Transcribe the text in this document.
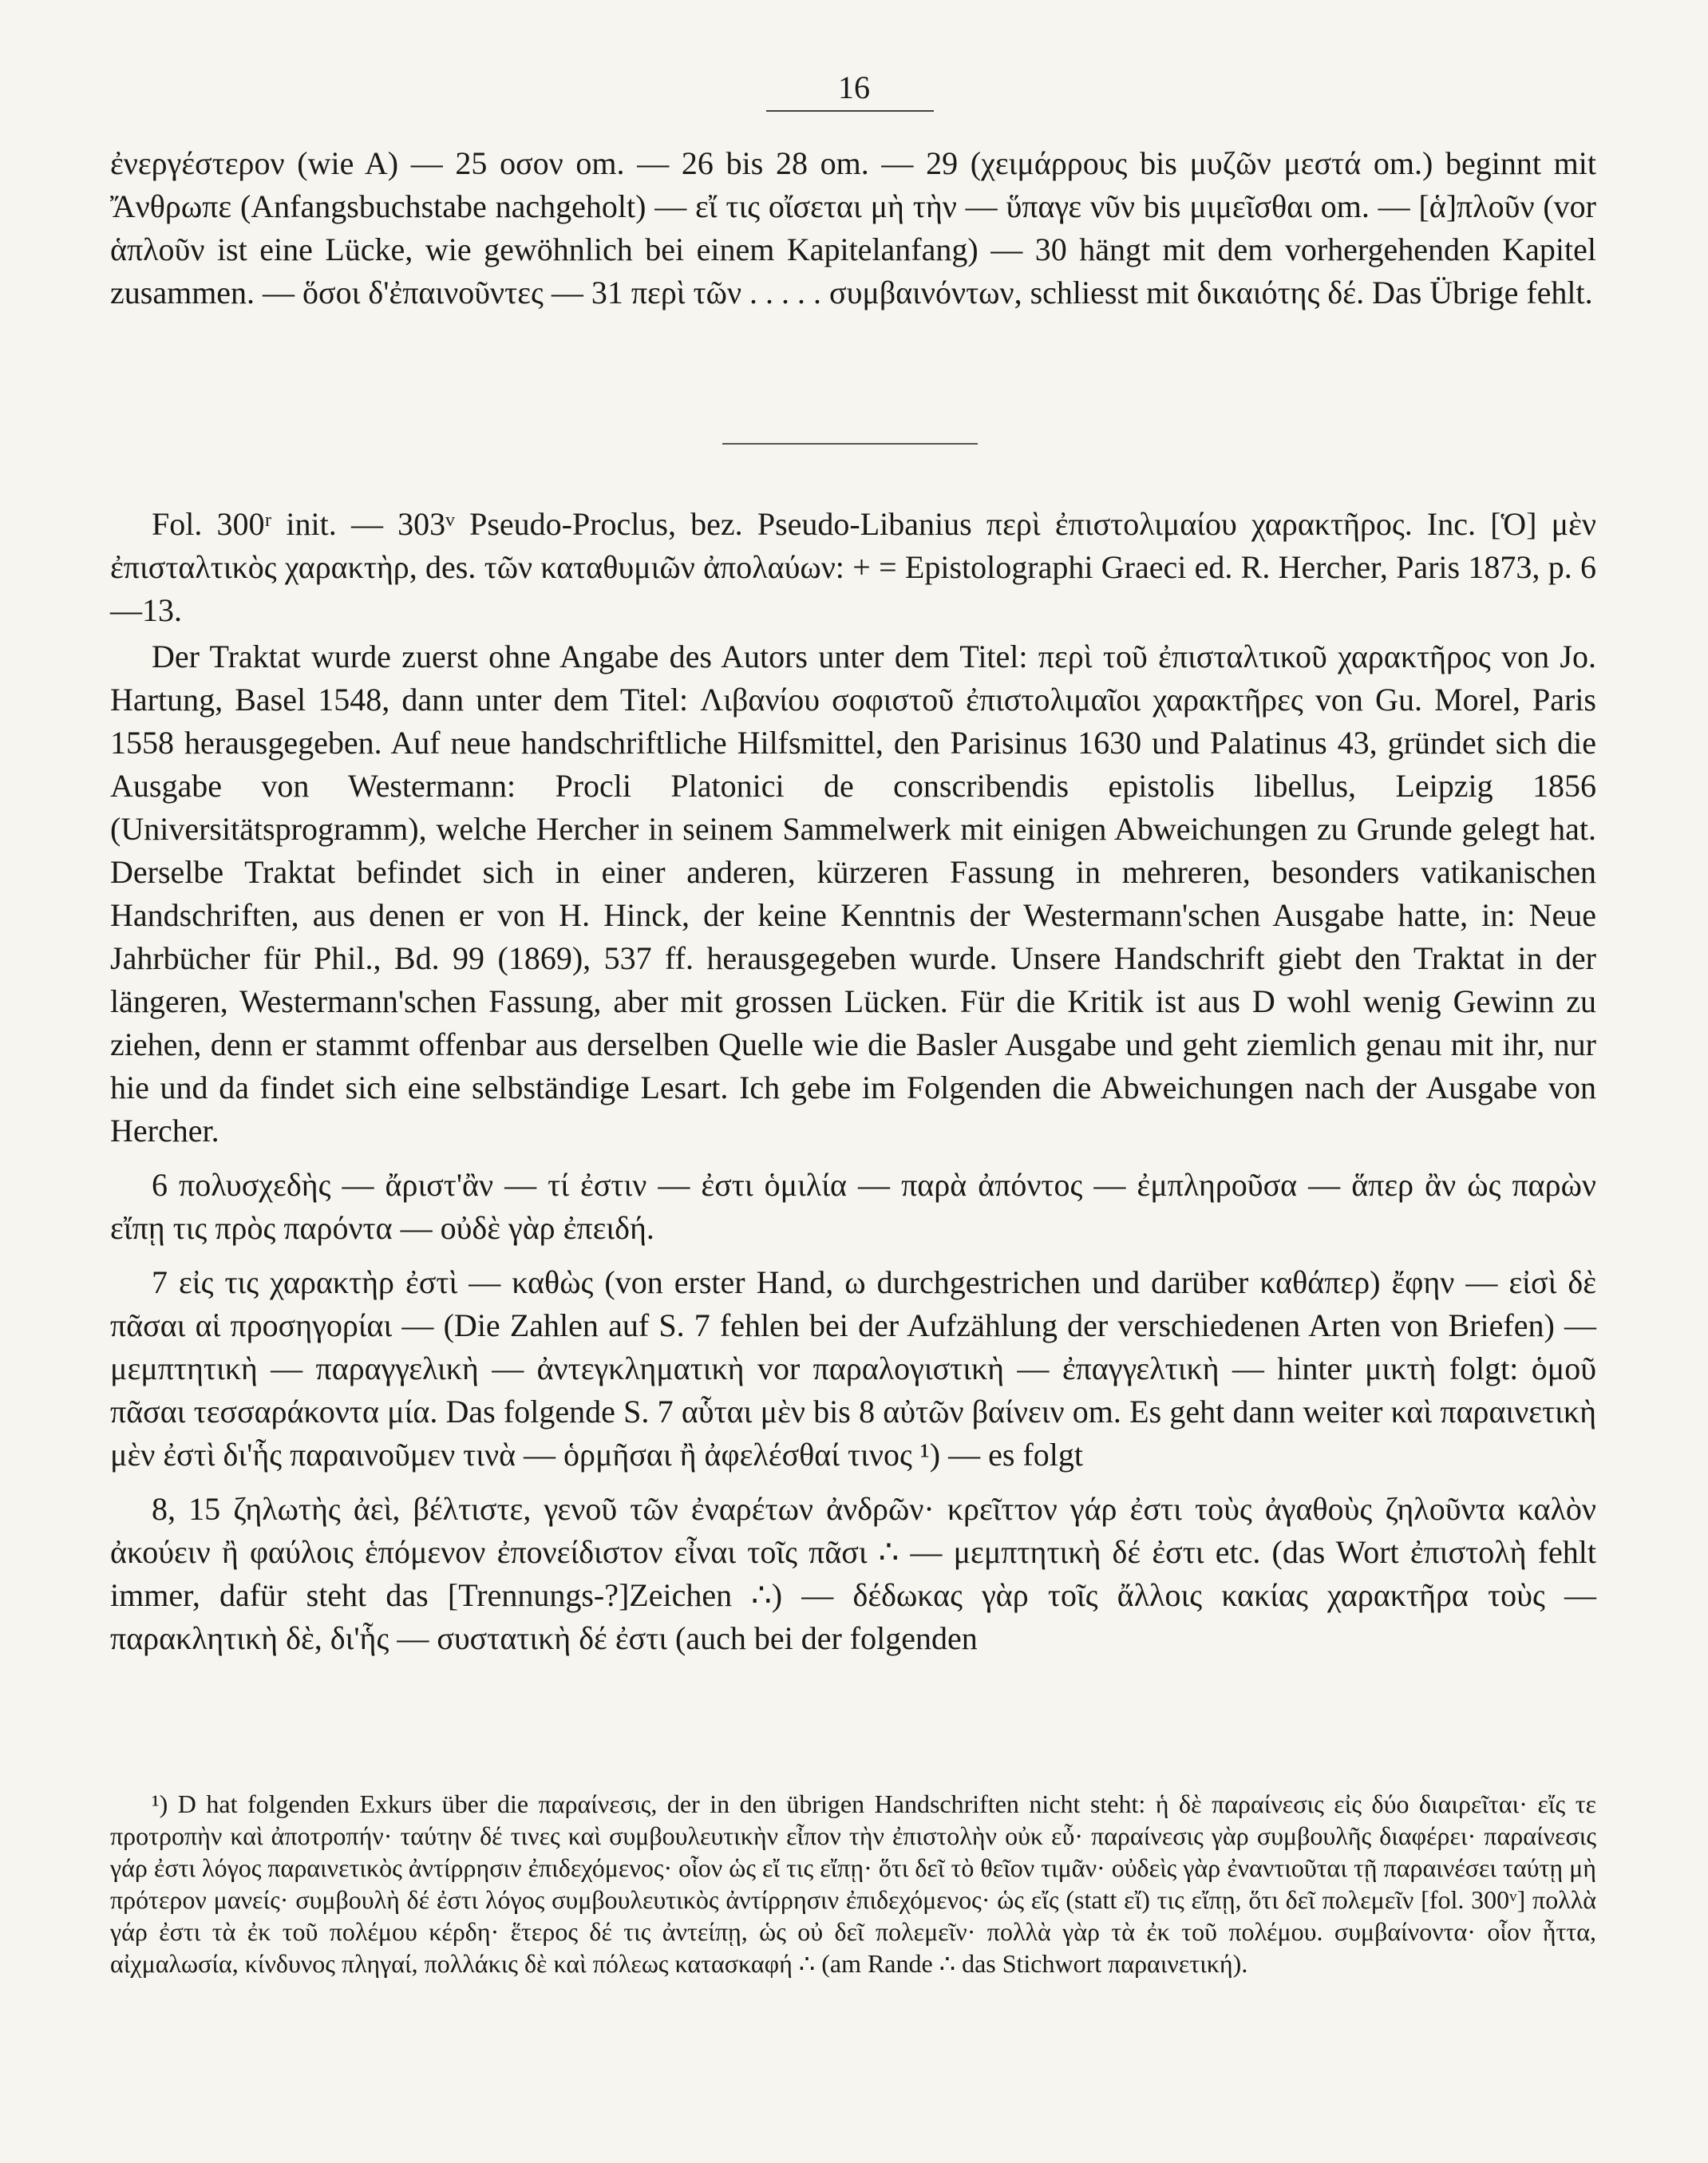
16

ἐνεργέστερον (wie A) — 25 οσον om. — 26 bis 28 om. — 29 (χειμάρρους bis μυζῶν μεστά om.) beginnt mit Ἄνθρωπε (Anfangsbuchstabe nachgeholt) — εἴ τις οἴσεται μὴ τὴν — ὕπαγε νῦν bis μιμεῖσθαι om. — [ἁ]πλοῦν (vor ἁπλοῦν ist eine Lücke, wie gewöhnlich bei einem Kapitelanfang) — 30 hängt mit dem vorhergehenden Kapitel zusammen. — ὅσοι δ'ἐπαινοῦντες — 31 περὶ τῶν . . . . . συμβαινόντων, schliesst mit δικαιότης δέ. Das Übrige fehlt.

Fol. 300ʳ init. — 303ᵛ Pseudo-Proclus, bez. Pseudo-Libanius περὶ ἐπιστολιμαίου χαρακτῆρος. Inc. [Ὁ] μὲν ἐπισταλτικὸς χαρακτὴρ, des. τῶν καταθυμιῶν ἀπολαύων: + = Epistolographi Graeci ed. R. Hercher, Paris 1873, p. 6—13.

Der Traktat wurde zuerst ohne Angabe des Autors unter dem Titel: περὶ τοῦ ἐπισταλτικοῦ χαρακτῆρος von Jo. Hartung, Basel 1548, dann unter dem Titel: Λιβανίου σοφιστοῦ ἐπιστολιμαῖοι χαρακτῆρες von Gu. Morel, Paris 1558 herausgegeben. Auf neue handschriftliche Hilfsmittel, den Parisinus 1630 und Palatinus 43, gründet sich die Ausgabe von Westermann: Procli Platonici de conscribendis epistolis libellus, Leipzig 1856 (Universitätsprogramm), welche Hercher in seinem Sammelwerk mit einigen Abweichungen zu Grunde gelegt hat. Derselbe Traktat befindet sich in einer anderen, kürzeren Fassung in mehreren, besonders vatikanischen Handschriften, aus denen er von H. Hinck, der keine Kenntnis der Westermann'schen Ausgabe hatte, in: Neue Jahrbücher für Phil., Bd. 99 (1869), 537 ff. herausgegeben wurde. Unsere Handschrift giebt den Traktat in der längeren, Westermann'schen Fassung, aber mit grossen Lücken. Für die Kritik ist aus D wohl wenig Gewinn zu ziehen, denn er stammt offenbar aus derselben Quelle wie die Basler Ausgabe und geht ziemlich genau mit ihr, nur hie und da findet sich eine selbständige Lesart. Ich gebe im Folgenden die Abweichungen nach der Ausgabe von Hercher.

6 πολυσχεδὴς — ἄριστ'ἂν — τί ἐστιν — ἐστι ὁμιλία — παρὰ ἀπόντος — ἐμπληροῦσα — ἅπερ ἂν ὡς παρὼν εἴπῃ τις πρὸς παρόντα — οὐδὲ γὰρ ἐπειδή.

7 εἰς τις χαρακτὴρ ἐστὶ — καθὼς (von erster Hand, ω durchgestrichen und darüber καθάπερ) ἔφην — εἰσὶ δὲ πᾶσαι αἱ προσηγορίαι — (Die Zahlen auf S. 7 fehlen bei der Aufzählung der verschiedenen Arten von Briefen) — μεμπτητικὴ — παραγγελικὴ — ἀντεγκληματικὴ vor παραλογιστικὴ — ἐπαγγελτικὴ — hinter μικτὴ folgt: ὁμοῦ πᾶσαι τεσσαράκοντα μία. Das folgende S. 7 αὗται μὲν bis 8 αὐτῶν βαίνειν om. Es geht dann weiter καὶ παραινετικὴ μὲν ἐστὶ δι'ἧς παραινοῦμεν τινὰ — ὁρμῆσαι ἢ ἀφελέσθαί τινος ¹) — es folgt

8, 15 ζηλωτὴς ἀεὶ, βέλτιστε, γενοῦ τῶν ἐναρέτων ἀνδρῶν· κρεῖττον γάρ ἐστι τοὺς ἀγαθοὺς ζηλοῦντα καλὸν ἀκούειν ἢ φαύλοις ἑπόμενον ἐπονείδιστον εἶναι τοῖς πᾶσι ∴ — μεμπτητικὴ δέ ἐστι etc. (das Wort ἐπιστολὴ fehlt immer, dafür steht das [Trennungs-?]Zeichen ∴) — δέδωκας γὰρ τοῖς ἄλλοις κακίας χαρακτῆρα τοὺς — παρακλητικὴ δὲ, δι'ἧς — συστατικὴ δέ ἐστι (auch bei der folgenden

¹) D hat folgenden Exkurs über die παραίνεσις, der in den übrigen Handschriften nicht steht: ἡ δὲ παραίνεσις εἰς δύο διαιρεῖται· εἴς τε προτροπὴν καὶ ἀποτροπήν· ταύτην δέ τινες καὶ συμβουλευτικὴν εἶπον τὴν ἐπιστολὴν οὐκ εὖ· παραίνεσις γὰρ συμβουλῆς διαφέρει· παραίνεσις γάρ ἐστι λόγος παραινετικὸς ἀντίρρησιν ἐπιδεχόμενος· οἷον ὡς εἴ τις εἴπῃ· ὅτι δεῖ τὸ θεῖον τιμᾶν· οὐδεὶς γὰρ ἐναντιοῦται τῇ παραινέσει ταύτῃ μὴ πρότερον μανείς· συμβουλὴ δέ ἐστι λόγος συμβουλευτικὸς ἀντίρρησιν ἐπιδεχόμενος· ὡς εἴς (statt εἴ) τις εἴπῃ, ὅτι δεῖ πολεμεῖν [fol. 300ᵛ] πολλὰ γάρ ἐστι τὰ ἐκ τοῦ πολέμου κέρδη· ἕτερος δέ τις ἀντείπῃ, ὡς οὐ δεῖ πολεμεῖν· πολλὰ γὰρ τὰ ἐκ τοῦ πολέμου. συμβαίνοντα· οἷον ἧττα, αἰχμαλωσία, κίνδυνος πληγαί, πολλάκις δὲ καὶ πόλεως κατασκαφή ∴ (am Rande ∴ das Stichwort παραινετική).
